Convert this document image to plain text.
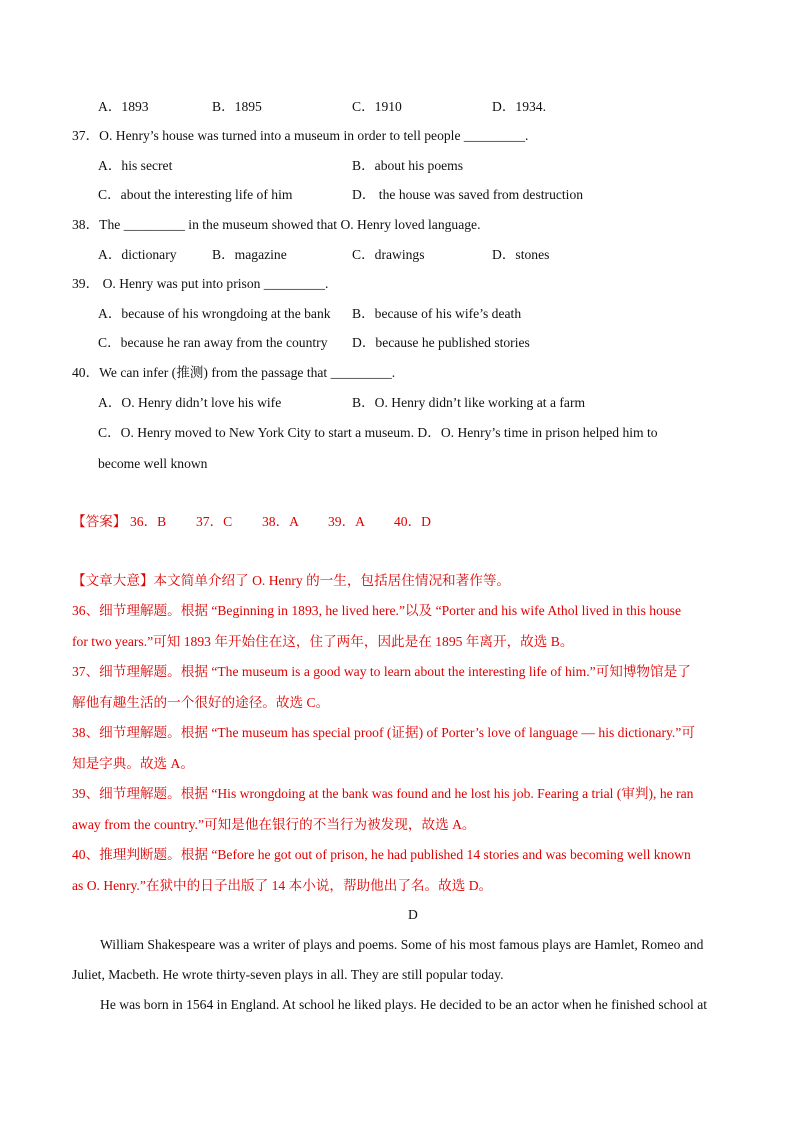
A．1893	B．1895	C．1910	D．1934.
37．O. Henry’s house was turned into a museum in order to tell people _________.
A．his secret	B．about his poems
C．about the interesting life of him	D． the house was saved from destruction
38．The _________ in the museum showed that O. Henry loved language.
A．dictionary	B．magazine	C．drawings	D．stones
39． O. Henry was put into prison _________.
A．because of his wrongdoing at the bank B．because of his wife’s death
C．because he ran away from the country D．because he published stories
40．We can infer (推测) from the passage that _________.
A．O. Henry didn’t love his wife	B．O. Henry didn’t like working at a farm
C．O. Henry moved to New York City to start a museum. D．O. Henry’s time in prison helped him to
become well known
【答案】 36．B 37．C 38．A 39．A 40．D
【文章大意】本文简单介绍了 O. Henry 的一生，包括居住情况和著作等。
36、细节理解题。根据 “Beginning in 1893, he lived here.”以及 “Porter and his wife Athol lived in this house
for two years.”可知 1893 年开始住在这，住了两年，因此是在 1895 年离开，故选 B。
37、细节理解题。根据 “The museum is a good way to learn about the interesting life of him.”可知博物馆是了
解他有趣生活的一个很好的途径。故选 C。
38、细节理解题。根据 “The museum has special proof (证据) of Porter’s love of language — his dictionary.”可
知是字典。故选 A。
39、细节理解题。根据 “His wrongdoing at the bank was found and he lost his job. Fearing a trial (审判), he ran
away from the country.”可知是他在银行的不当行为被发现，故选 A。
40、推理判断题。根据 “Before he got out of prison, he had published 14 stories and was becoming well known
as O. Henry.”在狱中的日子出版了 14 本小说，帮助他出了名。故选 D。
D
William Shakespeare was a writer of plays and poems. Some of his most famous plays are Hamlet, Romeo and
Juliet, Macbeth. He wrote thirty-seven plays in all. They are still popular today.
He was born in 1564 in England. At school he liked plays. He decided to be an actor when he finished school at
